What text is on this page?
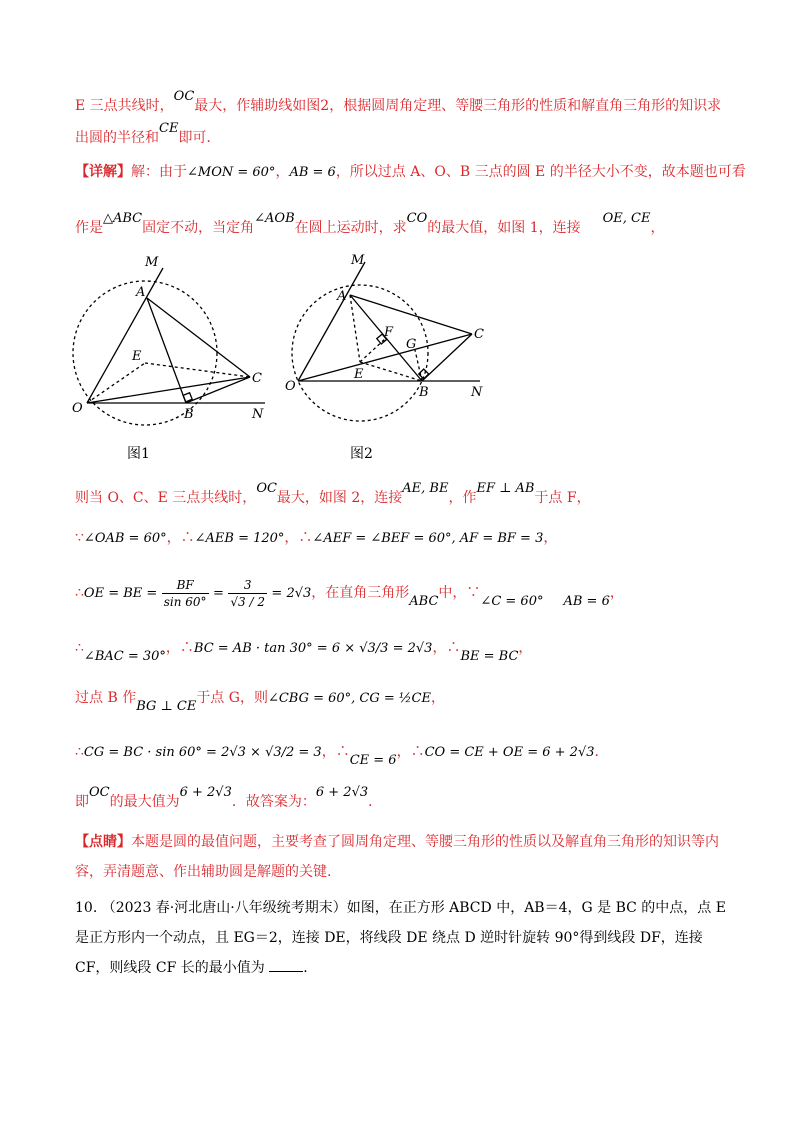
E 三点共线时，OC最大，作辅助线如图2，根据圆周角定理、等腰三角形的性质和解直角三角形的知识求
出圆的半径和CE即可.
【详解】解：由于∠MON = 60°，AB = 6，所以过点 A、O、B 三点的圆 E 的半径大小不变，故本题也可看
作是△ABC固定不动，当定角∠AOB在圆上运动时，求CO的最大值，如图 1，连接OE, CE，
M
A
E
C
O	B	N
M
A
F	C
G
O
E
B	N
图1	图2
则当 O、C、E 三点共线时，OC最大，如图 2，连接AE, BE，作EF ⊥ AB于点 F，
∵∠OAB = 60°，∴∠AEB = 120°，∴∠AEF = ∠BEF = 60°, AF = BF = 3，
∴OE = BE = $\frac{BF}{\sin 60^\circ} = \frac{3}{√3 / 2} = 2√3$，在直角三角形ABC中，∵∠C = 60° AB = 6，
∴∠BAC = 30°，∴BC = AB · tan 30° = 6 × √3/3 = 2√3，∴BE = BC，
过点 B 作BG ⊥ CE于点 G，则∠CBG = 60°, CG = ½CE，
∴CG = BC · sin 60° = 2√3 × √3/2 = 3，∴CE = 6，∴CO = CE + OE = 6 + 2√3．
即OC的最大值为6 + 2√3．故答案为：6 + 2√3．
【点睛】本题是圆的最值问题，主要考查了圆周角定理、等腰三角形的性质以及解直角三角形的知识等内
容，弄清题意、作出辅助圆是解题的关键.
10. （2023 春·河北唐山·八年级统考期末）如图，在正方形 ABCD 中，AB＝4，G 是 BC 的中点，点 E 是正方形内一个动点，且 EG＝2，连接 DE，将线段 DE 绕点 D 逆时针旋转 90°得到线段 DF，连接 CF，则线段 CF 长的最小值为	.
